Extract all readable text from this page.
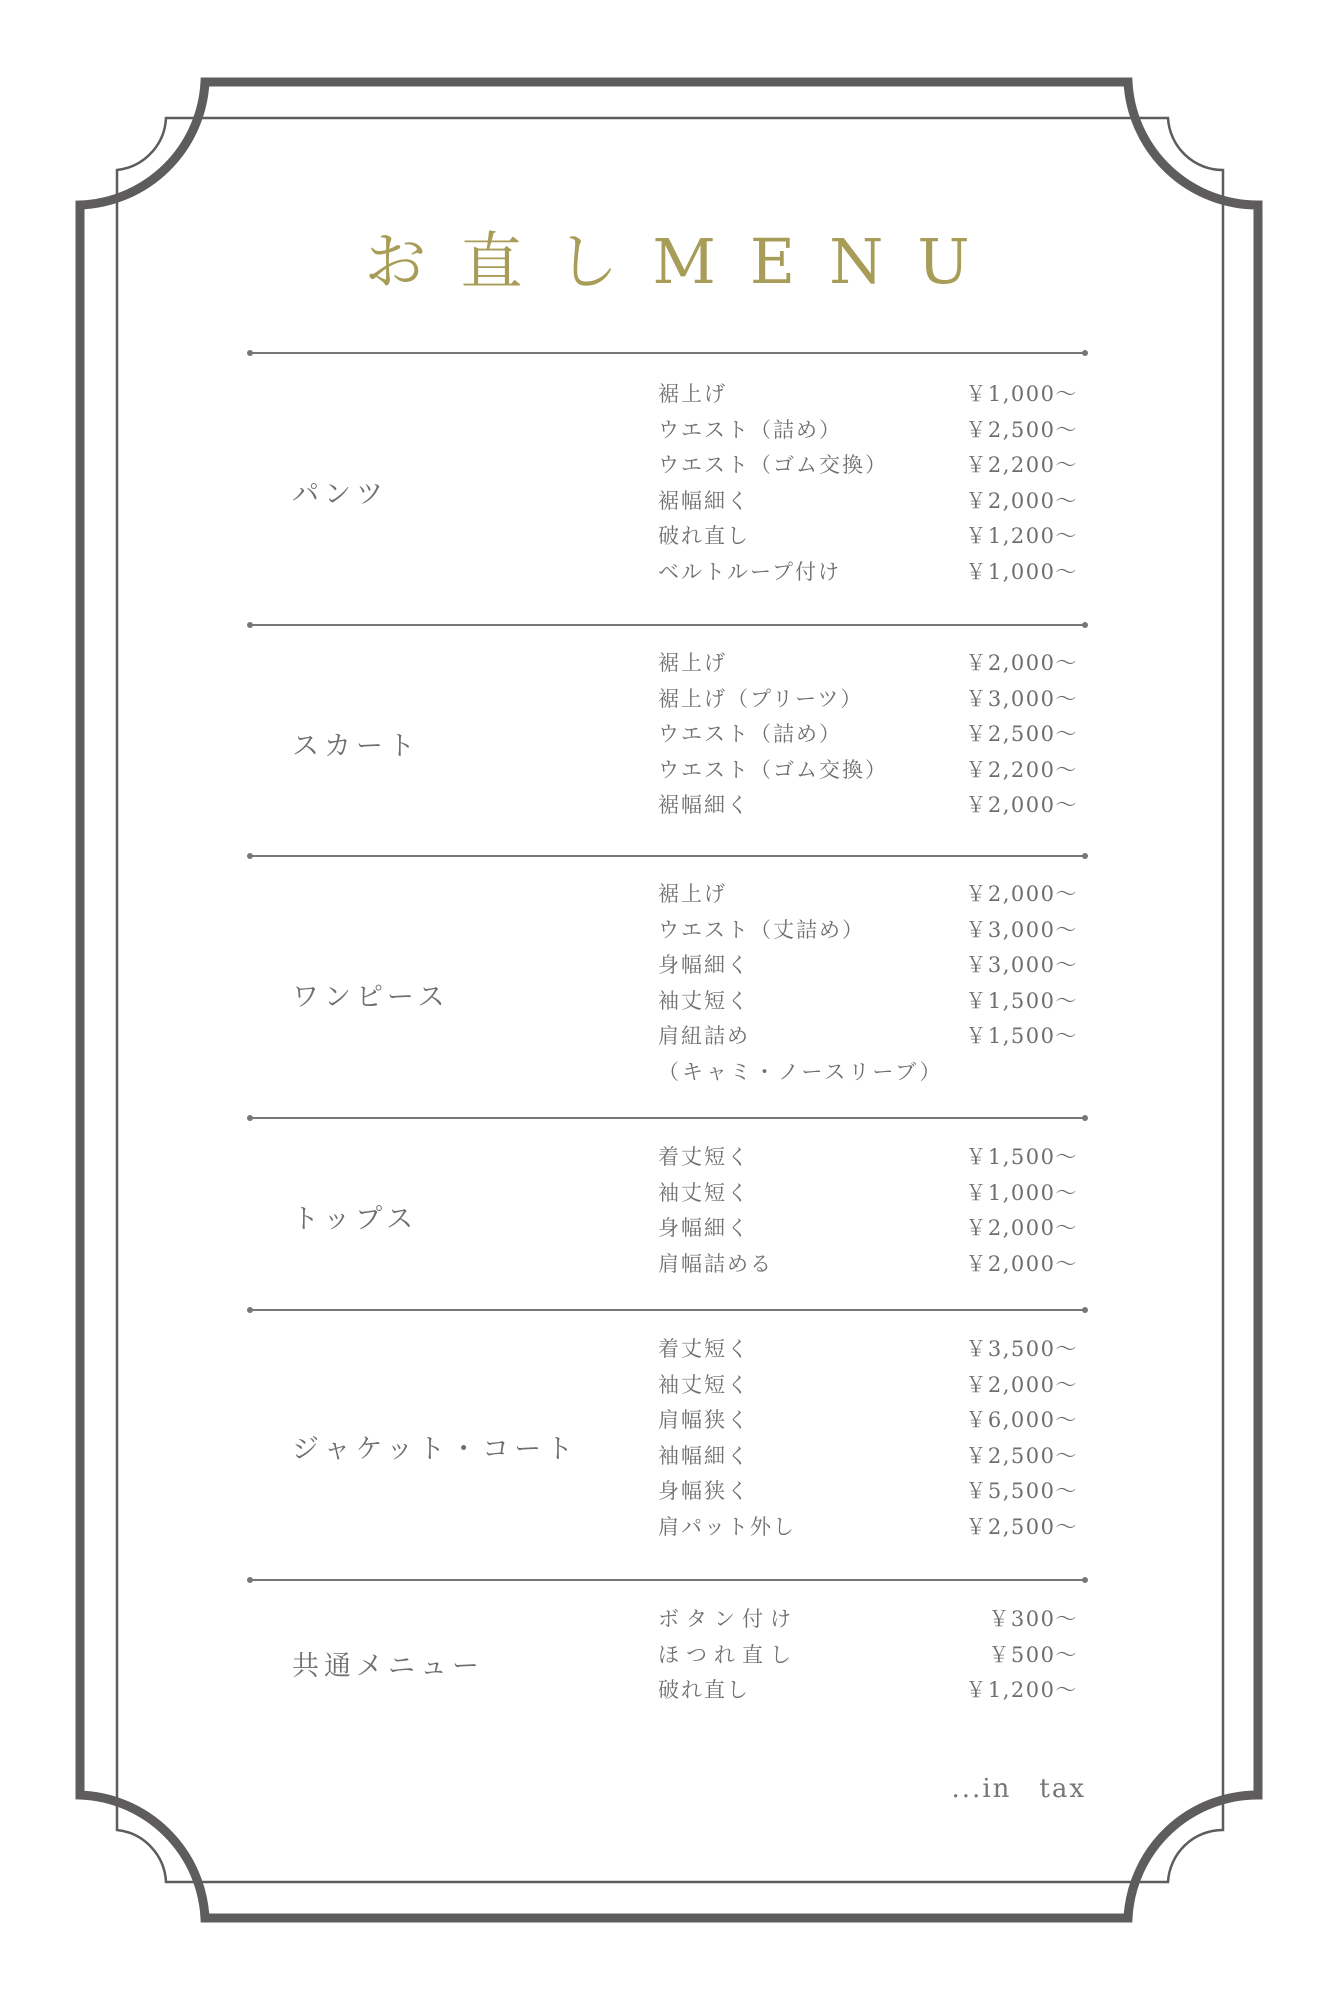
お直しMENU
パンツ
裾上げ	￥1,000～
ウエスト（詰め）	￥2,500～
ウエスト（ゴム交換）	￥2,200～
裾幅細く	￥2,000～
破れ直し	￥1,200～
ベルトループ付け	￥1,000～
スカート
裾上げ	￥2,000～
裾上げ（プリーツ）	￥3,000～
ウエスト（詰め）	￥2,500～
ウエスト（ゴム交換）	￥2,200～
裾幅細く	￥2,000～
ワンピース
裾上げ	￥2,000～
ウエスト（丈詰め）	￥3,000～
身幅細く	￥3,000～
袖丈短く	￥1,500～
肩紐詰め	￥1,500～
（キャミ・ノースリーブ）
トップス
着丈短く	￥1,500～
袖丈短く	￥1,000～
身幅細く	￥2,000～
肩幅詰める	￥2,000～
ジャケット・コート
着丈短く	￥3,500～
袖丈短く	￥2,000～
肩幅狭く	￥6,000～
袖幅細く	￥2,500～
身幅狭く	￥5,500～
肩パット外し	￥2,500～
共通メニュー
ボタン付け	￥300～
ほつれ直し	￥500～
破れ直し	￥1,200～
...in　tax
